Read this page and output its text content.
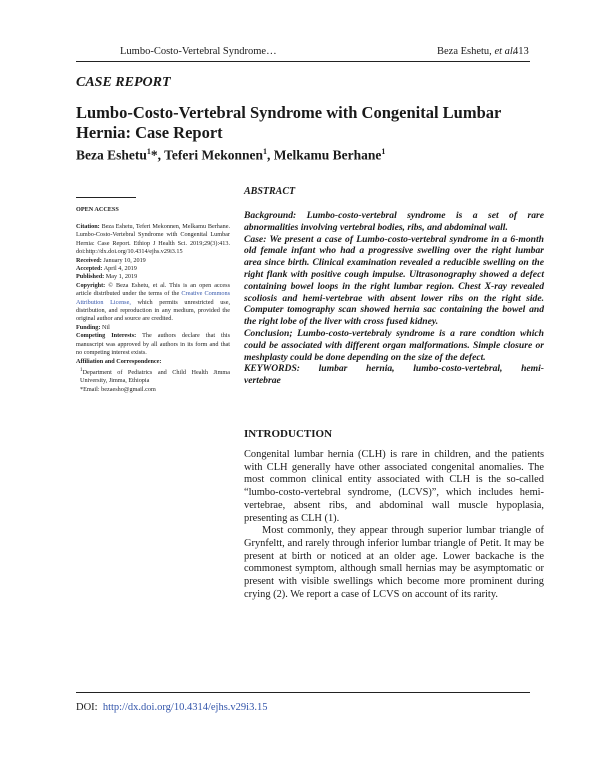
Lumbo-Costo-Vertebral Syndrome…	Beza Eshetu, et al.
413
CASE REPORT
Lumbo-Costo-Vertebral Syndrome with Congenital Lumbar Hernia: Case Report
Beza Eshetu$^1$*, Teferi Mekonnen$^1$, Melkamu Berhane$^1$
OPEN ACCESS
Citation: Beza Eshetu, Teferi Mekonnen, Melkamu Berhane. Lumbo-Costo-Vertebral Syndrome with Congenital Lumbar Hernia: Case Report. Ethiop J Health Sci. 2019;29(3):413. doi:http://dx.doi.org/10.4314/ejhs.v29i3.15
Received: January 10, 2019
Accepted: April 4, 2019
Published: May 1, 2019
Copyright: © Beza Eshetu, et al. This is an open access article distributed under the terms of the Creative Commons Attribution License, which permits unrestricted use, distribution, and reproduction in any medium, provided the original author and source are credited.
Funding: Nil
Competing Interests: The authors declare that this manuscript was approved by all authors in its form and that no competing interest exists.
Affiliation and Correspondence:
$^1$Department of Pediatrics and Child Health Jimma University, Jimma, Ethiopia
*Email: bezaesho@gmail.com
ABSTRACT

Background: Lumbo-costo-vertebral syndrome is a set of rare abnormalities involving vertebral bodies, ribs, and abdominal wall.

Case: We present a case of Lumbo-costo-vertebral syndrome in a 6-month old female infant who had a progressive swelling over the right lumbar area since birth. Clinical examination revealed a reducible swelling on the right flank with positive cough impulse. Ultrasonography showed a defect containing bowel loops in the right lumbar region. Chest X-ray revealed scoliosis and hemi-vertebrae with absent lower ribs on the right side. Computer tomography scan showed hernia sac containing the bowel and the right lobe of the liver with cross fused kidney.

Conclusion; Lumbo-costo-vertebraly syndrome is a rare condtion which could be associated with different organ malformations. Simple closure or meshplasty could be done depending on the size of the defect.

KEYWORDS: lumbar hernia, lumbo-costo-vertebral, hemi-
vertebrae
INTRODUCTION

Congenital lumbar hernia (CLH) is rare in children, and the patients with CLH generally have other associated congenital anomalies. The most common clinical entity associated with CLH is the so-called “lumbo-costo-vertebral syndrome, (LCVS)”, which includes hemi-vertebrae, absent ribs, and abdominal wall muscle hypoplasia, presenting as CLH (1).

Most commonly, they appear through superior lumbar triangle of Grynfeltt, and rarely through inferior lumbar triangle of Petit. It may be present at birth or noticed at an older age. Lower backache is the commonest symptom, although small hernias may be asymptomatic or present with visible swellings which become more prominent during crying (2). We report a case of LCVS on account of its rarity.

DOI: http://dx.doi.org/10.4314/ejhs.v29i3.15
